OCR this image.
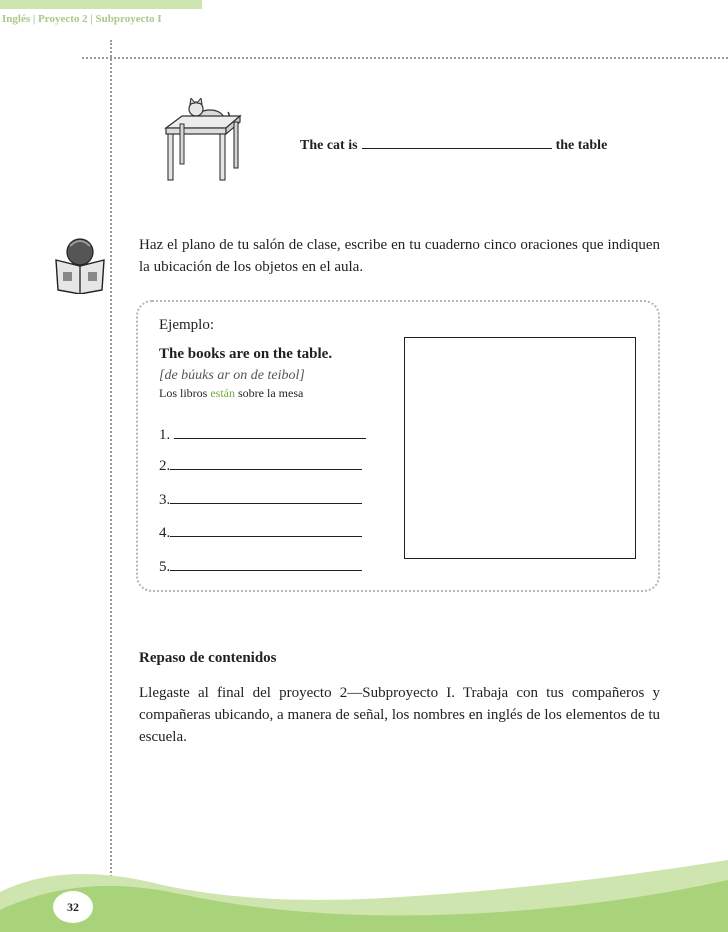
Inglés | Proyecto 2 | Subproyecto I
The cat is	the table
Haz el plano de tu salón de clase, escribe en tu cuaderno cinco oraciones que indiquen la ubicación de los objetos en el aula.
Ejemplo:
The books are on the table.
[de búuks ar on de teibol]
Los libros están sobre la mesa
1.
2.
3.
4.
5.
Repaso de contenidos
Llegaste al final del proyecto 2—Subproyecto I. Trabaja con tus compañeros y compañeras ubicando, a manera de señal, los nombres en inglés de los elementos de tu escuela.
32
